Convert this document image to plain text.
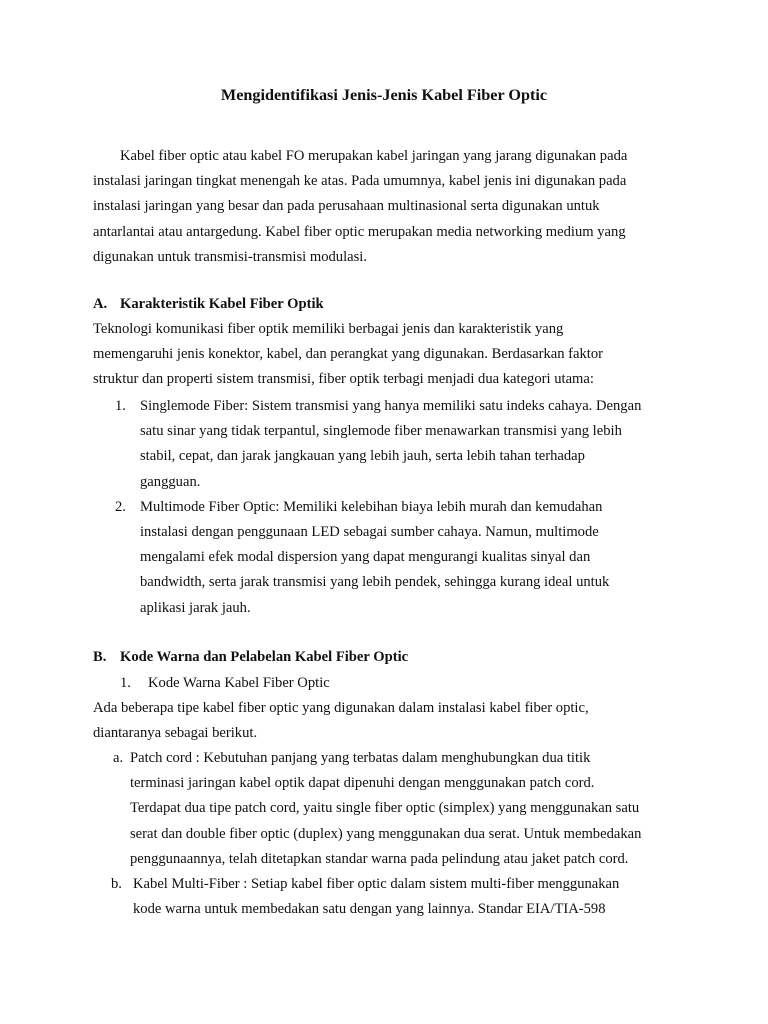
Mengidentifikasi Jenis-Jenis Kabel Fiber Optic
Kabel fiber optic atau kabel FO merupakan kabel jaringan yang jarang digunakan pada
instalasi jaringan tingkat menengah ke atas. Pada umumnya, kabel jenis ini digunakan pada
instalasi jaringan yang besar dan pada perusahaan multinasional serta digunakan untuk
antarlantai atau antargedung. Kabel fiber optic merupakan media networking medium yang
digunakan untuk transmisi-transmisi modulasi.
A. Karakteristik Kabel Fiber Optik
Teknologi komunikasi fiber optik memiliki berbagai jenis dan karakteristik yang
memengaruhi jenis konektor, kabel, dan perangkat yang digunakan. Berdasarkan faktor
struktur dan properti sistem transmisi, fiber optik terbagi menjadi dua kategori utama:
1. Singlemode Fiber: Sistem transmisi yang hanya memiliki satu indeks cahaya. Dengan
satu sinar yang tidak terpantul, singlemode fiber menawarkan transmisi yang lebih
stabil, cepat, dan jarak jangkauan yang lebih jauh, serta lebih tahan terhadap
gangguan.
2. Multimode Fiber Optic: Memiliki kelebihan biaya lebih murah dan kemudahan
instalasi dengan penggunaan LED sebagai sumber cahaya. Namun, multimode
mengalami efek modal dispersion yang dapat mengurangi kualitas sinyal dan
bandwidth, serta jarak transmisi yang lebih pendek, sehingga kurang ideal untuk
aplikasi jarak jauh.
B. Kode Warna dan Pelabelan Kabel Fiber Optic
1. Kode Warna Kabel Fiber Optic
Ada beberapa tipe kabel fiber optic yang digunakan dalam instalasi kabel fiber optic,
diantaranya sebagai berikut.
a. Patch cord : Kebutuhan panjang yang terbatas dalam menghubungkan dua titik
terminasi jaringan kabel optik dapat dipenuhi dengan menggunakan patch cord.
Terdapat dua tipe patch cord, yaitu single fiber optic (simplex) yang menggunakan satu
serat dan double fiber optic (duplex) yang menggunakan dua serat. Untuk membedakan
penggunaannya, telah ditetapkan standar warna pada pelindung atau jaket patch cord.
b. Kabel Multi-Fiber : Setiap kabel fiber optic dalam sistem multi-fiber menggunakan
kode warna untuk membedakan satu dengan yang lainnya. Standar EIA/TIA-598
